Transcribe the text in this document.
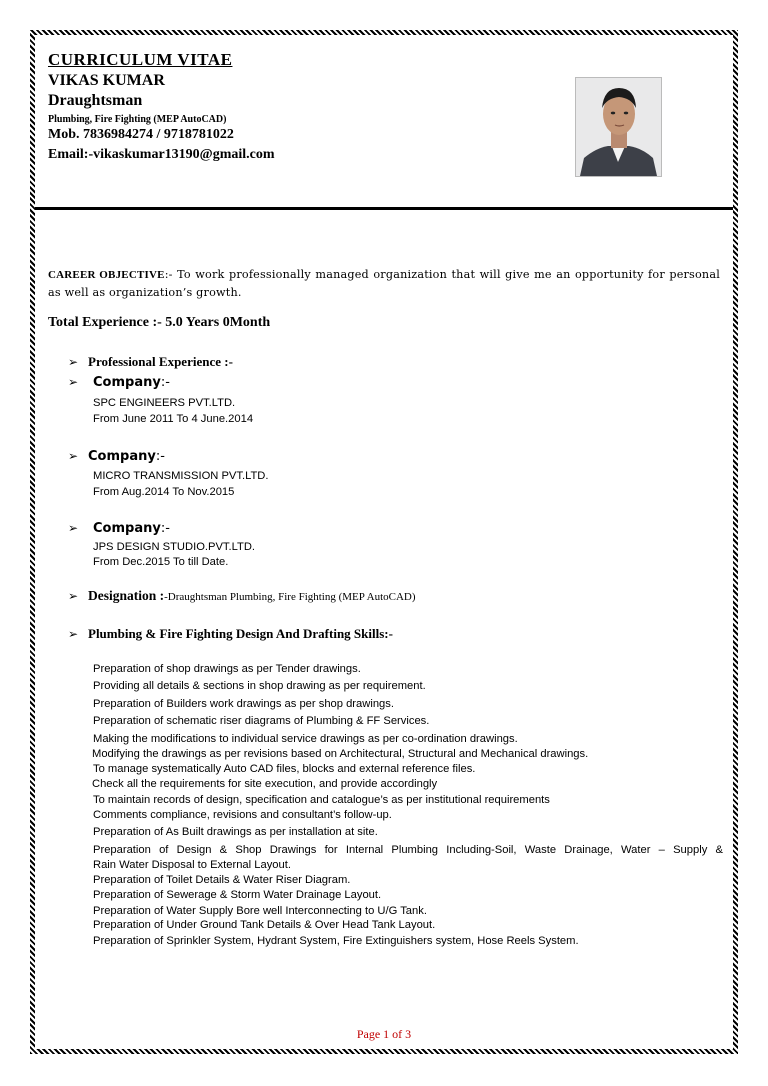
CURRICULUM VITAE
VIKAS KUMAR
Draughtsman
Plumbing, Fire Fighting (MEP AutoCAD)
Mob. 7836984274 / 9718781022
Email:-vikaskumar13190@gmail.com
CAREER OBJECTIVE:- To work professionally managed organization that will give me an opportunity for personal as well as organization’s growth.
Total Experience :- 5.0 Years 0Month
➢ Professional Experience :-
➢ Company:-
SPC ENGINEERS PVT.LTD.
From June 2011 To 4 June.2014
➢ Company:-
MICRO TRANSMISSION PVT.LTD.
From Aug.2014 To Nov.2015
➢ Company:-
JPS DESIGN STUDIO.PVT.LTD.
From Dec.2015 To till Date.
➢ Designation :-Draughtsman Plumbing, Fire Fighting (MEP AutoCAD)
➢ Plumbing & Fire Fighting Design And Drafting Skills:-
Preparation of shop drawings as per Tender drawings.
Providing all details & sections in shop drawing as per requirement.
Preparation of Builders work drawings as per shop drawings.
Preparation of schematic riser diagrams of Plumbing & FF Services.
Making the modifications to individual service drawings as per co-ordination drawings.
Modifying the drawings as per revisions based on Architectural, Structural and Mechanical drawings.
To manage systematically Auto CAD files, blocks and external reference files.
Check all the requirements for site execution, and provide accordingly
To maintain records of design, specification and catalogue’s as per institutional requirements
Comments compliance, revisions and consultant’s follow-up.
Preparation of As Built drawings as per installation at site.
Preparation of Design & Shop Drawings for Internal Plumbing Including-Soil, Waste Drainage, Water – Supply &
Rain Water Disposal to External Layout.
Preparation of Toilet Details & Water Riser Diagram.
Preparation of Sewerage & Storm Water Drainage Layout.
Preparation of Water Supply Bore well Interconnecting to U/G Tank.
Preparation of Under Ground Tank Details & Over Head Tank Layout.
Preparation of Sprinkler System, Hydrant System, Fire Extinguishers system, Hose Reels System.
Page 1 of 3
